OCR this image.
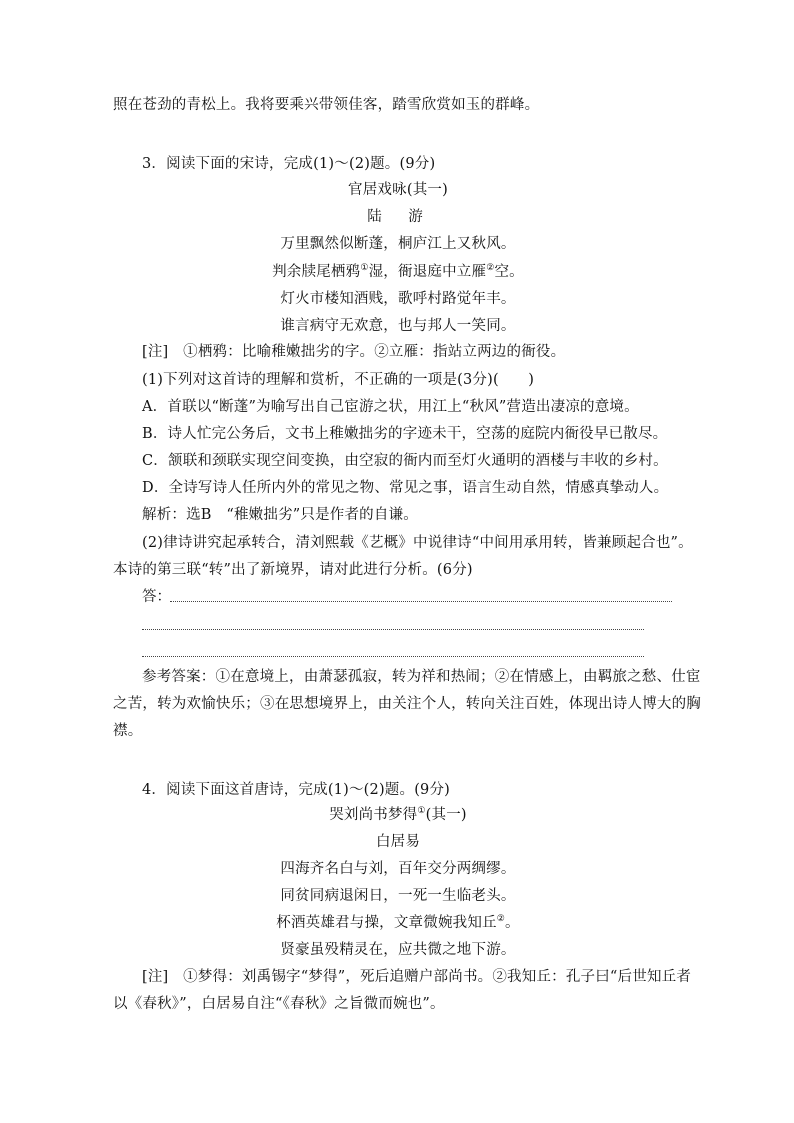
照在苍劲的青松上。我将要乘兴带领佳客，踏雪欣赏如玉的群峰。
3．阅读下面的宋诗，完成(1)～(2)题。(9分)
官居戏咏(其一)
陆　游
万里飘然似断蓬，桐庐江上又秋风。
判余牍尾栖鸦①湿，衙退庭中立雁②空。
灯火市楼知酒贱，歌呼村路觉年丰。
谁言病守无欢意，也与邦人一笑同。
[注]　①栖鸦：比喻稚嫩拙劣的字。②立雁：指站立两边的衙役。
(1)下列对这首诗的理解和赏析，不正确的一项是(3分)(　　)
A．首联以“断蓬”为喻写出自己宦游之状，用江上“秋风”营造出凄凉的意境。
B．诗人忙完公务后，文书上稚嫩拙劣的字迹未干，空荡的庭院内衙役早已散尽。
C．颔联和颈联实现空间变换，由空寂的衙内而至灯火通明的酒楼与丰收的乡村。
D．全诗写诗人任所内外的常见之物、常见之事，语言生动自然，情感真挚动人。
解析：选B　“稚嫩拙劣”只是作者的自谦。
(2)律诗讲究起承转合，清刘熙载《艺概》中说律诗“中间用承用转，皆兼顾起合也”。
本诗的第三联“转”出了新境界，请对此进行分析。(6分)
答：
参考答案：①在意境上，由萧瑟孤寂，转为祥和热闹；②在情感上，由羁旅之愁、仕宦
之苦，转为欢愉快乐；③在思想境界上，由关注个人，转向关注百姓，体现出诗人博大的胸
襟。
4．阅读下面这首唐诗，完成(1)～(2)题。(9分)
哭刘尚书梦得①(其一)
白居易
四海齐名白与刘，百年交分两绸缪。
同贫同病退闲日，一死一生临老头。
杯酒英雄君与操，文章微婉我知丘②。
贤豪虽殁精灵在，应共微之地下游。
[注]　①梦得：刘禹锡字“梦得”，死后追赠户部尚书。②我知丘：孔子曰“后世知丘者
以《春秋》”，白居易自注“《春秋》之旨微而婉也”。
